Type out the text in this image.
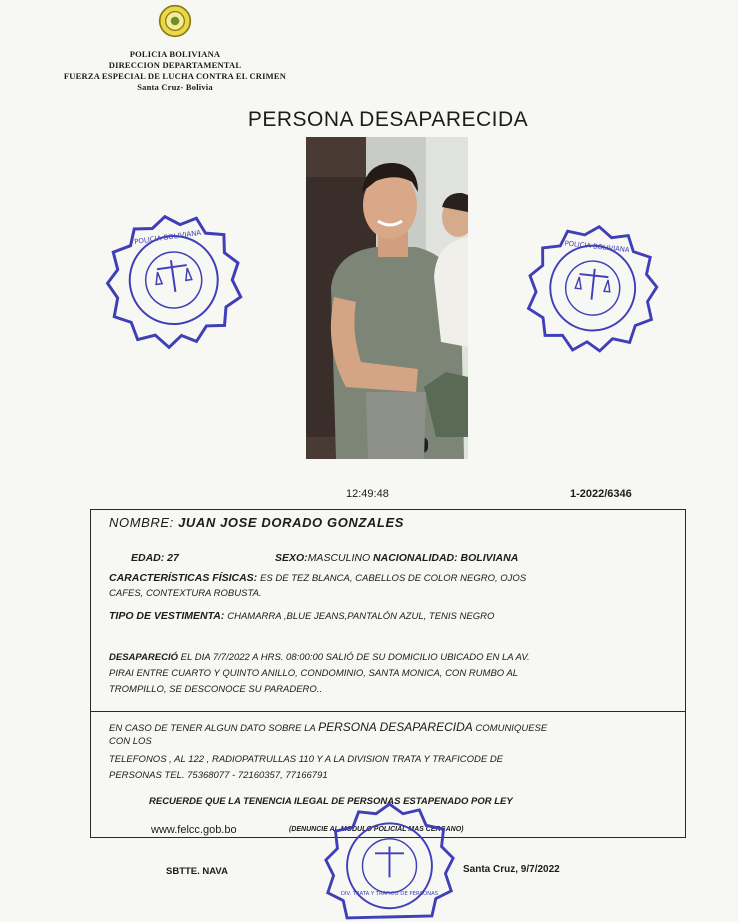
POLICIA BOLIVIANA
DIRECCION DEPARTAMENTAL
FUERZA ESPECIAL DE LUCHA CONTRA EL CRIMEN
Santa Cruz- Bolivia
PERSONA DESAPARECIDA
POLICIA BOLIVIANA
POLICIA BOLIVIANA
12:49:48	1-2022/6346
NOMBRE: JUAN JOSE DORADO GONZALES
EDAD: 27	SEXO:MASCULINO NACIONALIDAD: BOLIVIANA
CARACTERÍSTICAS FÍSICAS: ES DE TEZ BLANCA, CABELLOS DE COLOR NEGRO, OJOS
CAFES, CONTEXTURA ROBUSTA.
TIPO DE VESTIMENTA: CHAMARRA ,BLUE JEANS,PANTALÓN AZUL, TENIS NEGRO
DESAPARECIÓ EL DIA 7/7/2022 A HRS. 08:00:00 SALIÓ DE SU DOMICILIO UBICADO EN LA AV.
PIRAI ENTRE CUARTO Y QUINTO ANILLO, CONDOMINIO, SANTA MONICA, CON RUMBO AL
TROMPILLO, SE DESCONOCE SU PARADERO..
EN CASO DE TENER ALGUN DATO SOBRE LA PERSONA DESAPARECIDA COMUNIQUESE
CON LOS
TELEFONOS , AL 122 , RADIOPATRULLAS 110 Y A LA DIVISION TRATA Y TRAFICODE DE
PERSONAS TEL. 75368077 - 72160357, 77166791
RECUERDE QUE LA TENENCIA ILEGAL DE PERSONAS ESTAPENADO POR LEY
www.felcc.gob.bo	(DENUNCIE AL MODULO POLICIAL MAS CERCANO)
SBTTE. NAVA	Santa Cruz, 9/7/2022
DIV. TRATA Y TRAFICO DE PERSONAS
